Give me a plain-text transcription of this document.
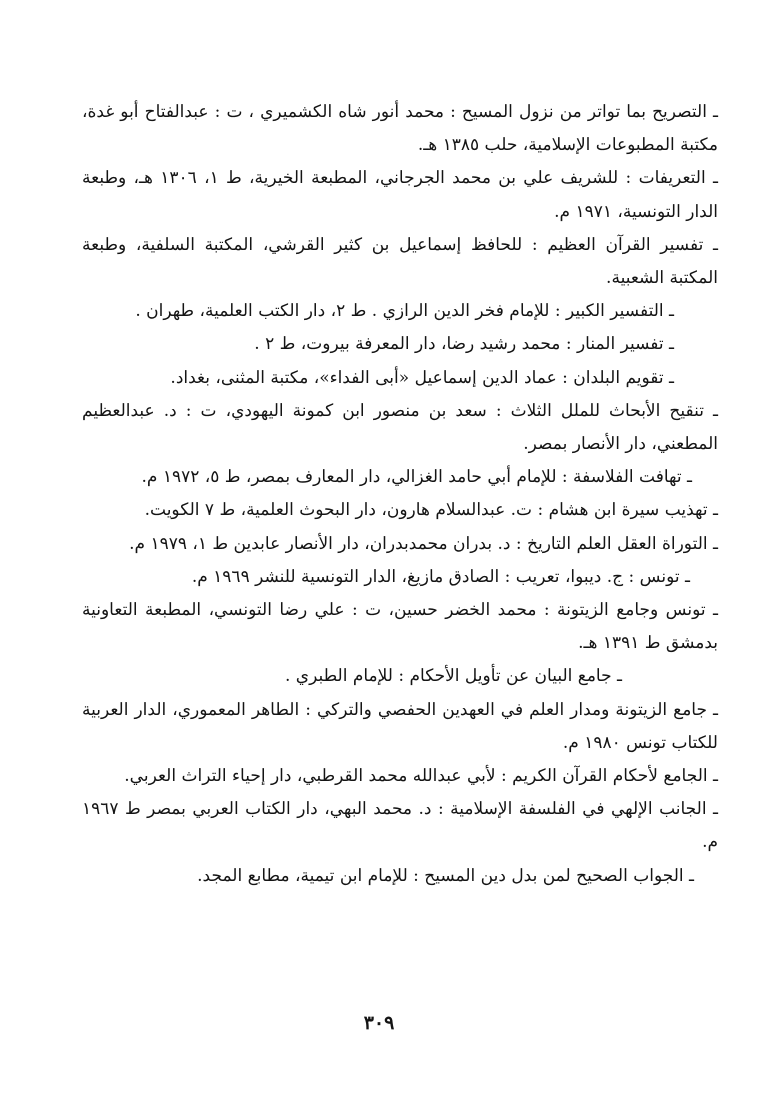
ـ التصريح بما تواتر من نزول المسيح : محمد أنور شاه الكشميري ، ت : عبدالفتاح أبو غدة، مكتبة المطبوعات الإسلامية، حلب ١٣٨٥ هـ.
ـ التعريفات : للشريف علي بن محمد الجرجاني، المطبعة الخيرية، ط ١، ١٣٠٦ هـ، وطبعة الدار التونسية، ١٩٧١ م.
ـ تفسير القرآن العظيم : للحافظ إسماعيل بن كثير القرشي، المكتبة السلفية، وطبعة المكتبة الشعبية.
ـ التفسير الكبير : للإمام فخر الدين الرازي . ط ٢، دار الكتب العلمية، طهران .
ـ تفسير المنار : محمد رشيد رضا، دار المعرفة بيروت، ط ٢ .
ـ تقويم البلدان : عماد الدين إسماعيل «أبى الفداء»، مكتبة المثنى، بغداد.
ـ تنقيح الأبحاث للملل الثلاث : سعد بن منصور ابن كمونة اليهودي، ت : د. عبدالعظيم المطعني، دار الأنصار بمصر.
ـ تهافت الفلاسفة : للإمام أبي حامد الغزالي، دار المعارف بمصر، ط ٥، ١٩٧٢ م.
ـ تهذيب سيرة ابن هشام : ت. عبدالسلام هارون، دار البحوث العلمية، ط ٧ الكويت.
ـ التوراة العقل العلم التاريخ : د. بدران محمدبدران، دار الأنصار عابدين ط ١، ١٩٧٩ م.
ـ تونس : ج. ديبوا، تعريب : الصادق مازيغ، الدار التونسية للنشر ١٩٦٩ م.
ـ تونس وجامع الزيتونة : محمد الخضر حسين، ت : علي رضا التونسي، المطبعة التعاونية بدمشق ط ١٣٩١ هـ.
ـ جامع البيان عن تأويل الأحكام : للإمام الطبري .
ـ جامع الزيتونة ومدار العلم في العهدين الحفصي والتركي : الطاهر المعموري، الدار العربية للكتاب تونس ١٩٨٠ م.
ـ الجامع لأحكام القرآن الكريم : لأبي عبدالله محمد القرطبي، دار إحياء التراث العربي.
ـ الجانب الإلهي في الفلسفة الإسلامية : د. محمد البهي، دار الكتاب العربي بمصر ط ١٩٦٧ م.
ـ الجواب الصحيح لمن بدل دين المسيح : للإمام ابن تيمية، مطابع المجد.
٣٠٩
